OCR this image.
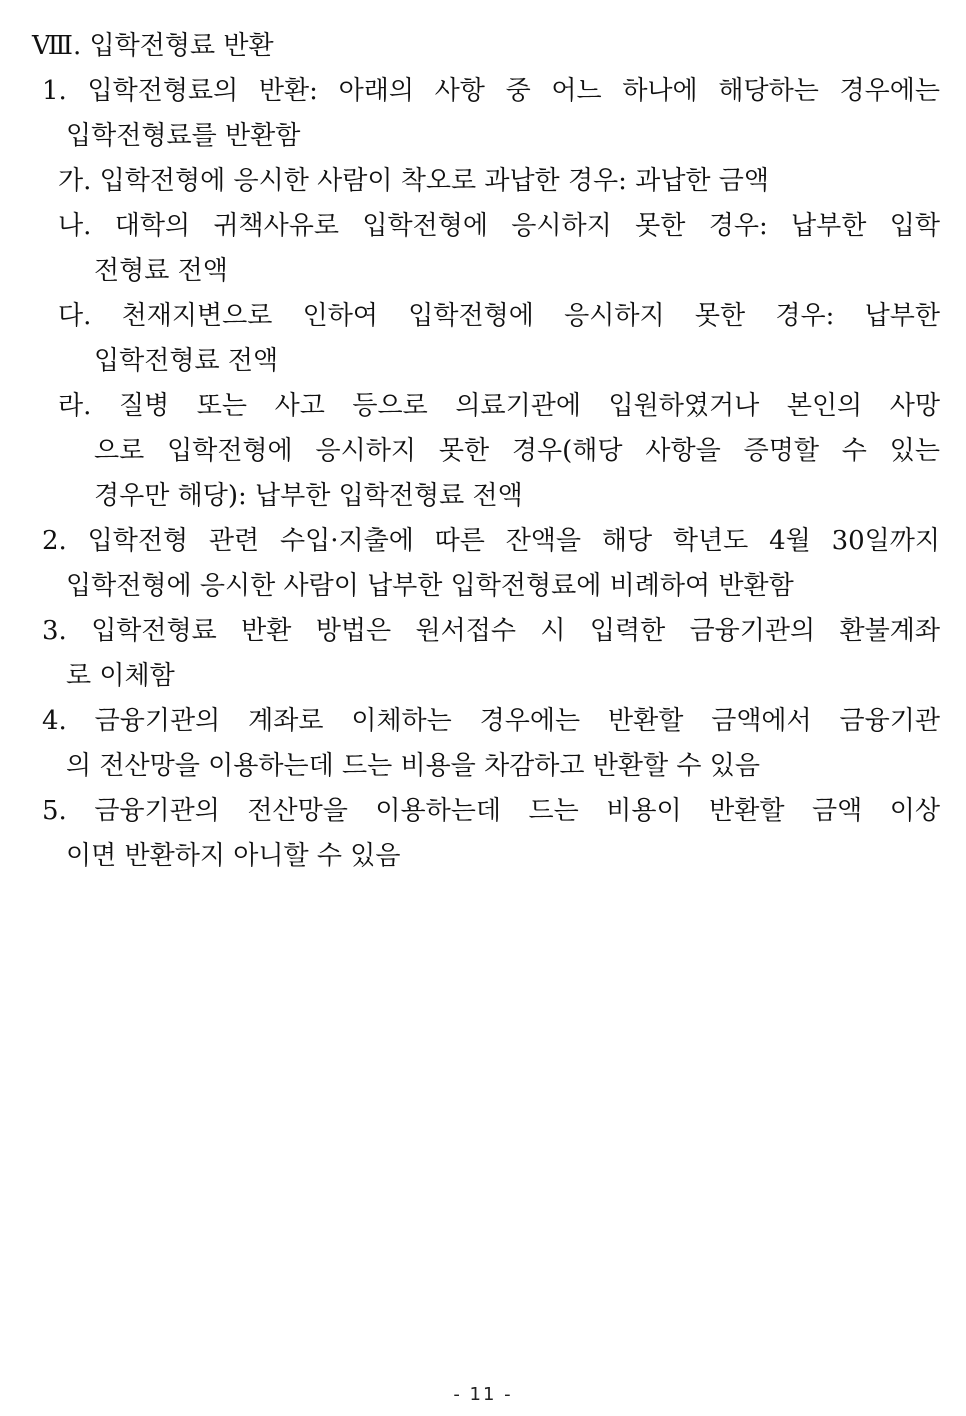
Ⅷ. 입학전형료 반환
1. 입학전형료의 반환: 아래의 사항 중 어느 하나에 해당하는 경우에는
입학전형료를 반환함
가. 입학전형에 응시한 사람이 착오로 과납한 경우: 과납한 금액
나. 대학의 귀책사유로 입학전형에 응시하지 못한 경우: 납부한 입학
전형료 전액
다. 천재지변으로 인하여 입학전형에 응시하지 못한 경우: 납부한
입학전형료 전액
라. 질병 또는 사고 등으로 의료기관에 입원하였거나 본인의 사망
으로 입학전형에 응시하지 못한 경우(해당 사항을 증명할 수 있는
경우만 해당): 납부한 입학전형료 전액
2. 입학전형 관련 수입·지출에 따른 잔액을 해당 학년도 4월 30일까지
입학전형에 응시한 사람이 납부한 입학전형료에 비례하여 반환함
3. 입학전형료 반환 방법은 원서접수 시 입력한 금융기관의 환불계좌
로 이체함
4. 금융기관의 계좌로 이체하는 경우에는 반환할 금액에서 금융기관
의 전산망을 이용하는데 드는 비용을 차감하고 반환할 수 있음
5. 금융기관의 전산망을 이용하는데 드는 비용이 반환할 금액 이상
이면 반환하지 아니할 수 있음
- 11 -
